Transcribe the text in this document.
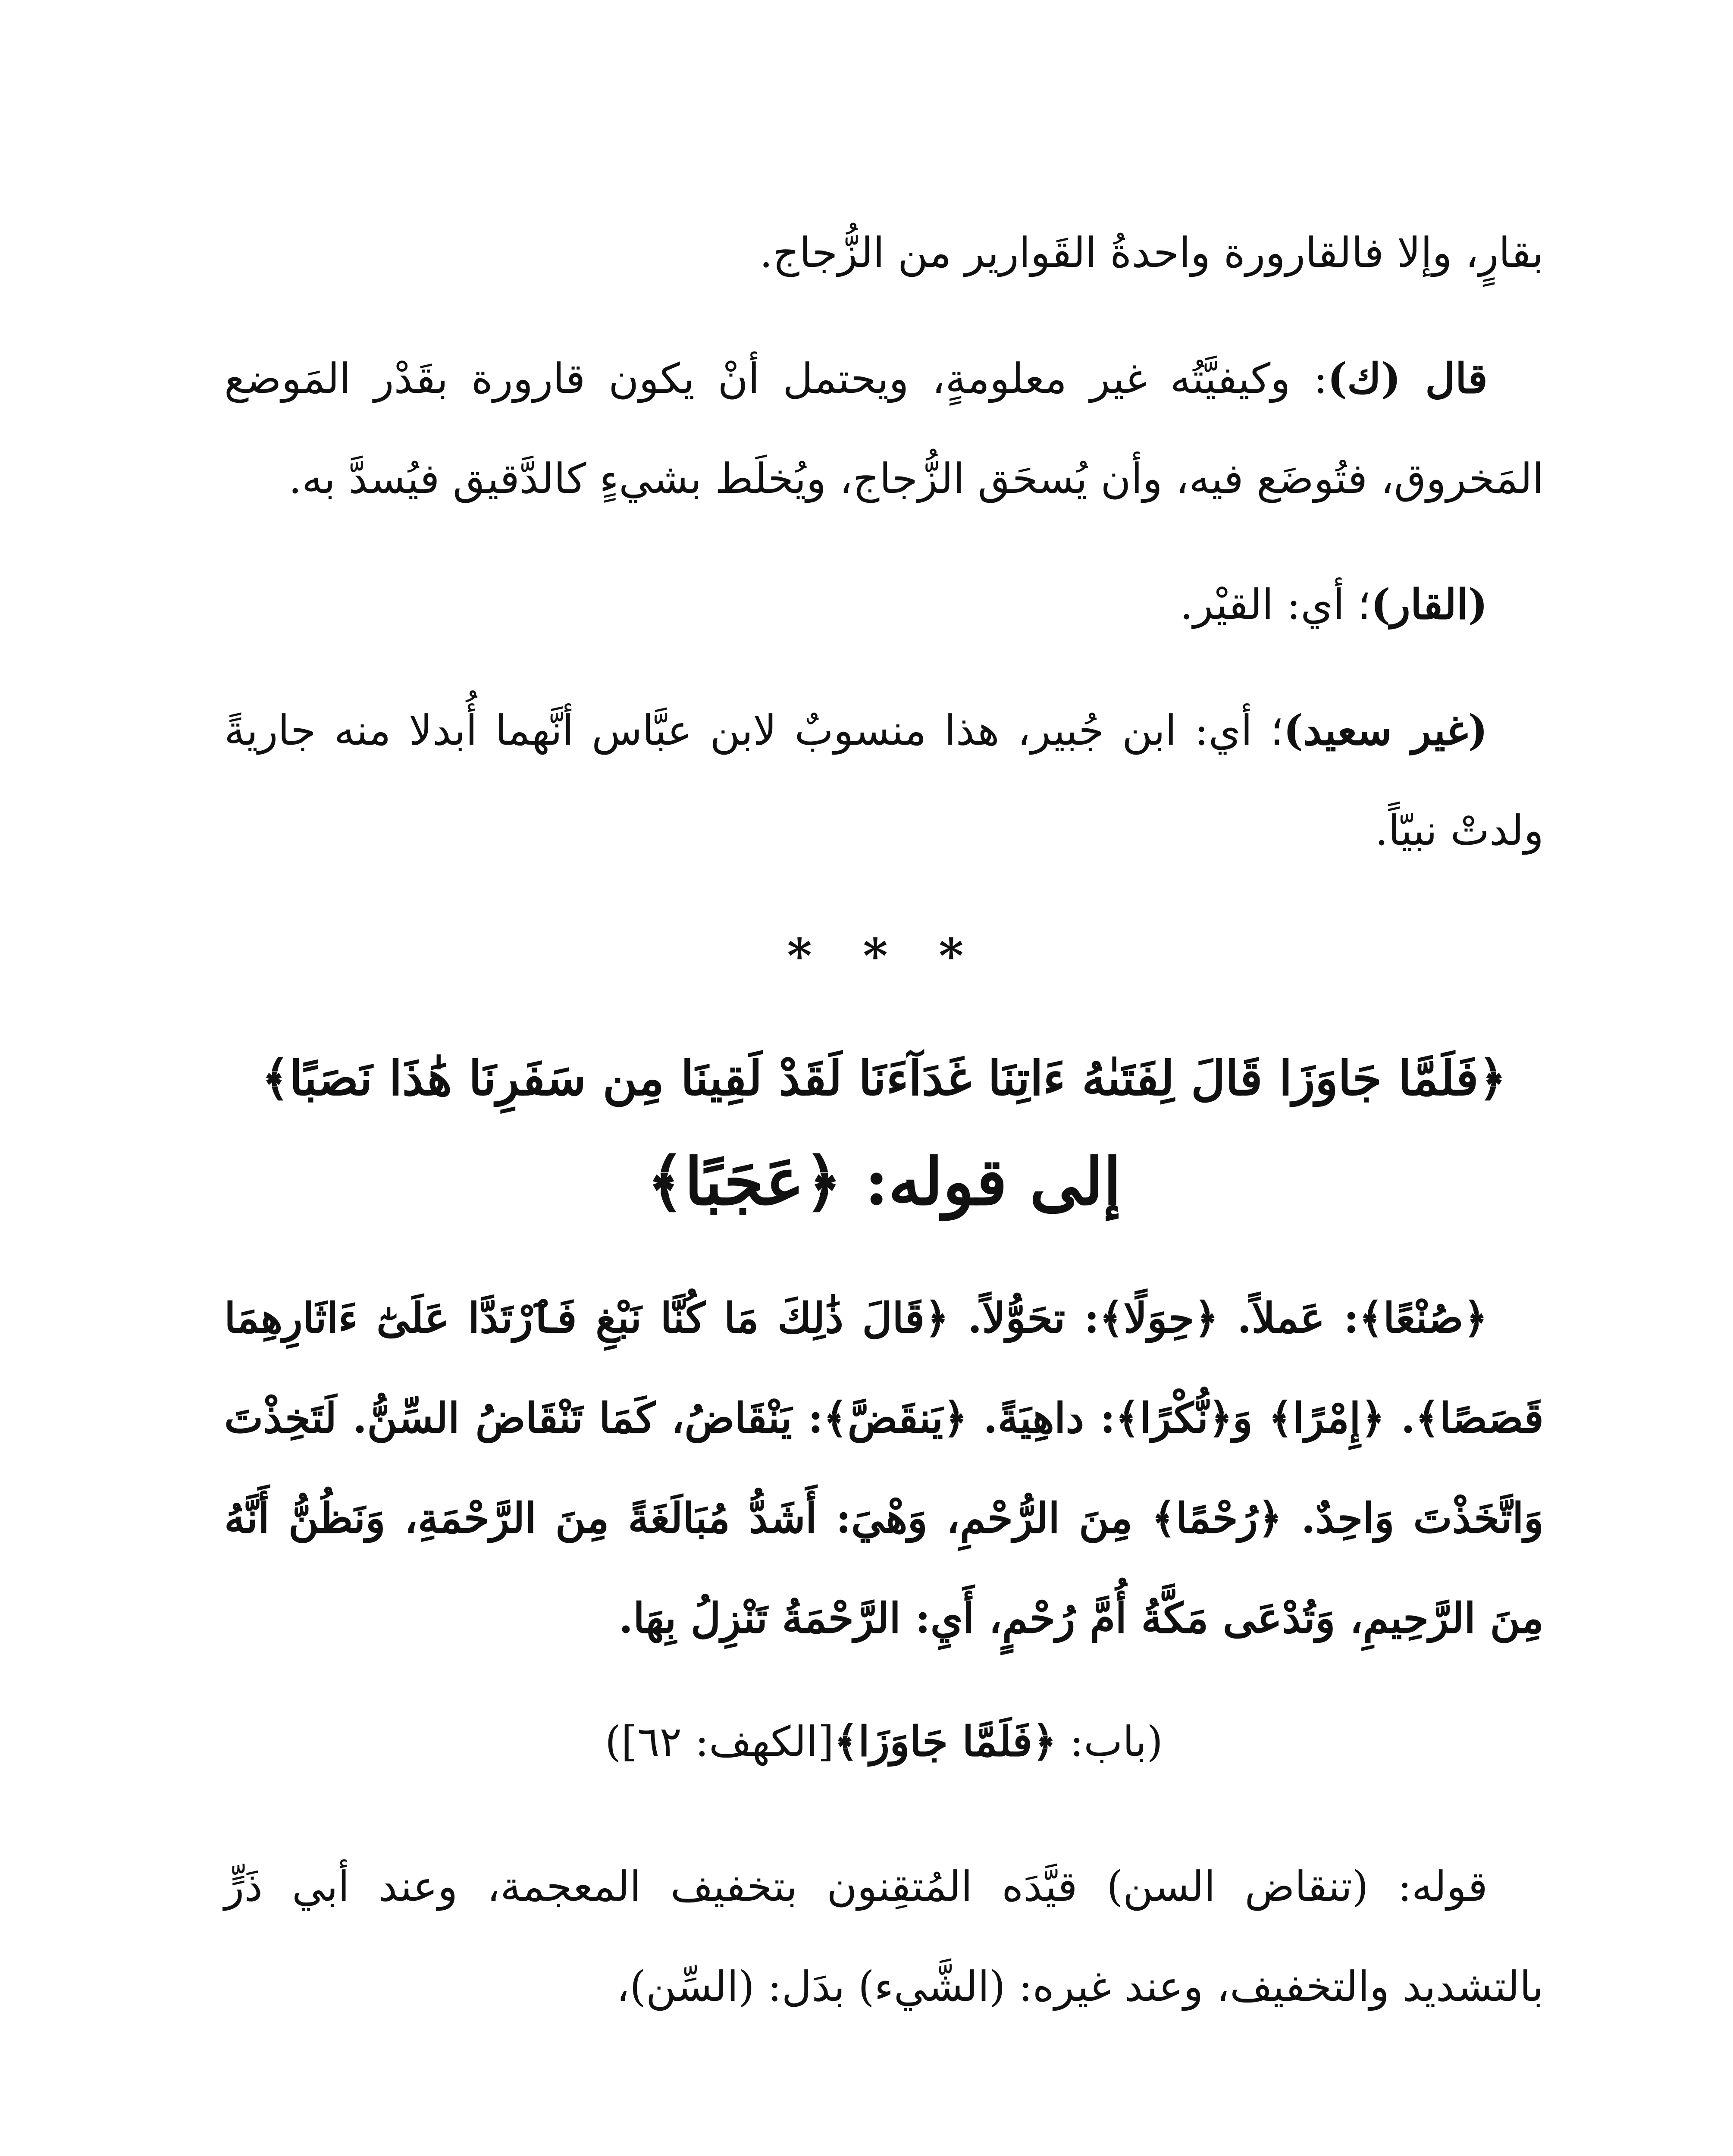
بقارٍ، وإلا فالقارورة واحدةُ القَوارير من الزُّجاج.

قال (ك): وكيفيَّتُه غير معلومةٍ، ويحتمل أنْ يكون قارورة بقَدْر المَوضع المَخروق، فتُوضَع فيه، وأن يُسحَق الزُّجاج، ويُخلَط بشيءٍ كالدَّقيق فيُسدَّ به.

(القار)؛ أي: القيْر.

(غير سعيد)؛ أي: ابن جُبير، هذا منسوبٌ لابن عبَّاس أنَّهما أُبدلا منه جاريةً ولدتْ نبيّاً.

* * *

﴿فَلَمَّا جَاوَزَا قَالَ لِفَتَىٰهُ ءَاتِنَا غَدَآءَنَا لَقَدْ لَقِينَا مِن سَفَرِنَا هَٰذَا نَصَبًا﴾

إلى قوله: ﴿عَجَبًا﴾

﴿صُنْعًا﴾: عَملاً. ﴿حِوَلًا﴾: تحَوُّلاً. ﴿قَالَ ذَٰلِكَ مَا كُنَّا نَبْغِ فَٱرْتَدَّا عَلَىٰٓ ءَاثَارِهِمَا قَصَصًا﴾. ﴿إِمْرًا﴾ وَ﴿نُّكْرًا﴾: داهِيَةً. ﴿يَنقَضَّ﴾: يَنْقَاضُ، كَمَا تَنْقَاضُ السِّنُّ. لَتَخِذْتَ وَاتَّخَذْتَ وَاحِدٌ. ﴿رُحْمًا﴾ مِنَ الرُّحْمِ، وَهْيَ: أَشَدُّ مُبَالَغَةً مِنَ الرَّحْمَةِ، وَنَظُنُّ أَنَّهُ مِنَ الرَّحِيمِ، وَتُدْعَى مَكَّةُ أُمَّ رُحْمٍ، أَيِ: الرَّحْمَةُ تَنْزِلُ بِهَا.

(باب: ﴿فَلَمَّا جَاوَزَا﴾[الكهف: ٦٢])

قوله: (تنقاض السن) قيَّدَه المُتقِنون بتخفيف المعجمة، وعند أبي ذَرٍّ بالتشديد والتخفيف، وعند غيره: (الشَّيء) بدَل: (السِّن)،
